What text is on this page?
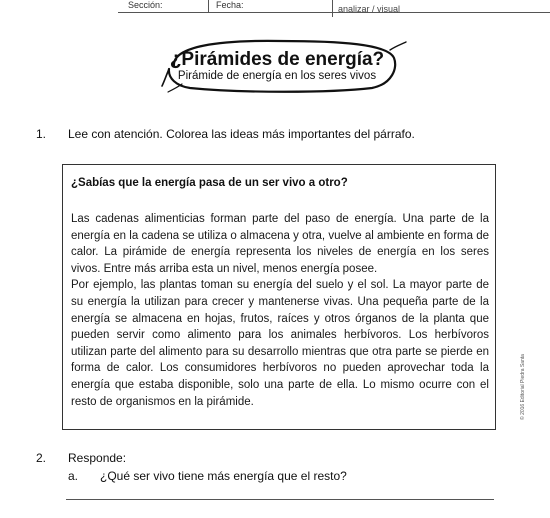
Sección:	Fecha:	analizar / visual
¿Pirámides de energía?
Pirámide de energía en los seres vivos
1. Lee con atención. Colorea las ideas más importantes del párrafo.
¿Sabías que la energía pasa de un ser vivo a otro?

Las cadenas alimenticias forman parte del paso de energía. Una parte de la energía en la cadena se utiliza o almacena y otra, vuelve al ambiente en forma de calor. La pirámide de energía representa los niveles de energía en los seres vivos. Entre más arriba esta un nivel, menos energía posee.

Por ejemplo, las plantas toman su energía del suelo y el sol. La mayor parte de su energía la utilizan para crecer y mantenerse vivas. Una pequeña parte de la energía se almacena en hojas, frutos, raíces y otros órganos de la planta que pueden servir como alimento para los animales herbívoros. Los herbívoros utilizan parte del alimento para su desarrollo mientras que otra parte se pierde en forma de calor. Los consumidores herbívoros no pueden aprovechar toda la energía que estaba disponible, solo una parte de ella. Lo mismo ocurre con el resto de organismos en la pirámide.

2. Responde:
a. ¿Qué ser vivo tiene más energía que el resto?
© 2016 Editorial Piedra Santa
